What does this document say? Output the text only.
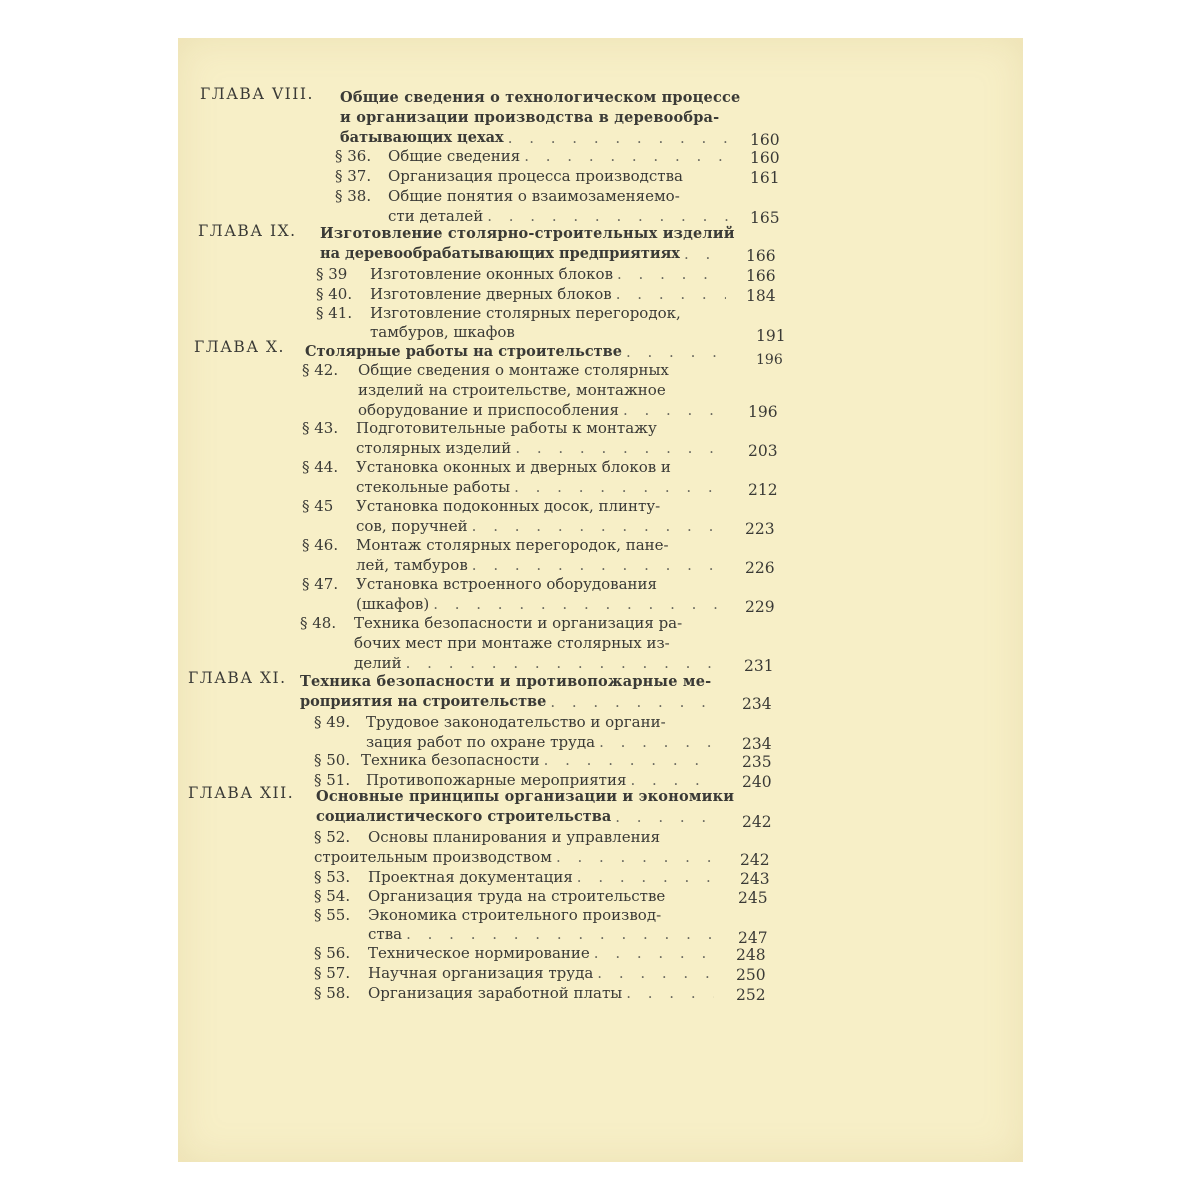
ГЛАВА VIII. Общие сведения о технологическом процессе
и организации производства в деревообра-
батывающих цехах . . .	160
§ 36. Общие сведения . . .	160
§ 37. Организация процесса производства	161
§ 38. Общие понятия о взаимозаменяемо-
сти деталей . . .	165
ГЛАВА IX. Изготовление столярно-строительных изделий
на деревообрабатывающих предприятиях . . .	166
§ 39 Изготовление оконных блоков . . .	166
§ 40. Изготовление дверных блоков . . .	184
§ 41. Изготовление столярных перегородок,
тамбуров, шкафов	191
ГЛАВА X. Столярные работы на строительстве . . .	196
§ 42. Общие сведения о монтаже столярных
изделий на строительстве, монтажное
оборудование и приспособления . . .	196
§ 43. Подготовительные работы к монтажу
столярных изделий . . .	203
§ 44. Установка оконных и дверных блоков и
стекольные работы . . .	212
§ 45 Установка подоконных досок, плинту-
сов, поручней . . .	223
§ 46. Монтаж столярных перегородок, пане-
лей, тамбуров . . .	226
§ 47. Установка встроенного оборудования
(шкафов) . . .	229
§ 48. Техника безопасности и организация ра-
бочих мест при монтаже столярных из-
делий . . .	231
ГЛАВА XI. Техника безопасности и противопожарные ме-
роприятия на строительстве . . .	234
§ 49. Трудовое законодательство и органи-
зация работ по охране труда . . .	234
§ 50. Техника безопасности . . .	235
§ 51. Противопожарные мероприятия . . .	240
ГЛАВА XII. Основные принципы организации и экономики
социалистического строительства . . .	242
§ 52. Основы планирования и управления
строительным производством . . .	242
§ 53. Проектная документация . . .	243
§ 54. Организация труда на строительстве	245
§ 55. Экономика строительного производ-
ства . . .	247
§ 56. Техническое нормирование . . .	248
§ 57. Научная организация труда . . .	250
§ 58. Организация заработной платы . . .	252
